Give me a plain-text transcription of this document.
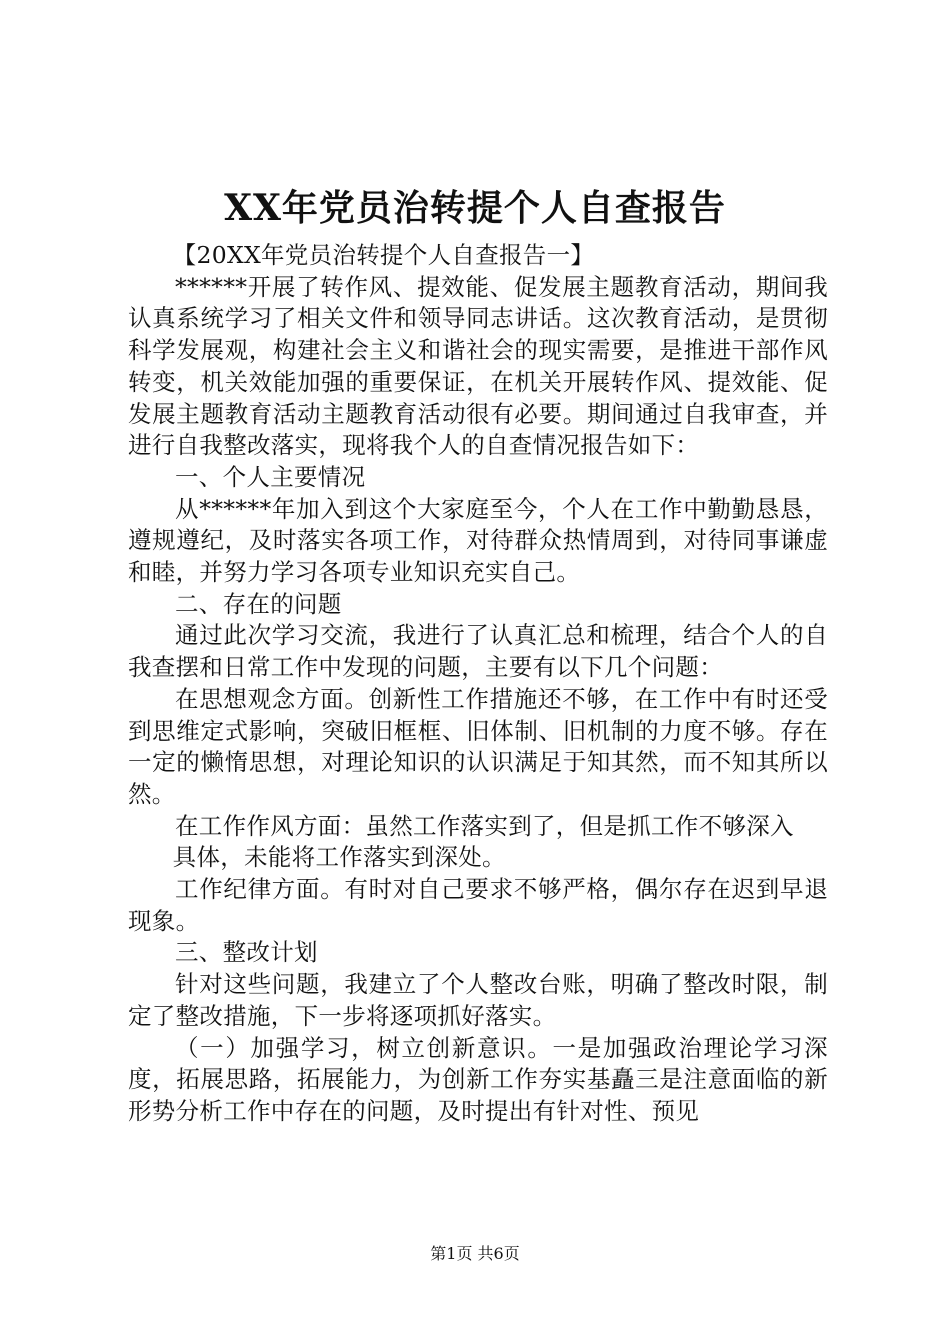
XX年党员治转提个人自查报告

【20XX年党员治转提个人自查报告一】

******开展了转作风、提效能、促发展主题教育活动，期间我认真系统学习了相关文件和领导同志讲话。这次教育活动，是贯彻科学发展观，构建社会主义和谐社会的现实需要，是推进干部作风转变，机关效能加强的重要保证，在机关开展转作风、提效能、促发展主题教育活动主题教育活动很有必要。期间通过自我审查，并进行自我整改落实，现将我个人的自查情况报告如下：

一、个人主要情况

从******年加入到这个大家庭至今，个人在工作中勤勤恳恳，遵规遵纪，及时落实各项工作，对待群众热情周到，对待同事谦虚和睦，并努力学习各项专业知识充实自己。

二、存在的问题

通过此次学习交流，我进行了认真汇总和梳理，结合个人的自我查摆和日常工作中发现的问题，主要有以下几个问题：

在思想观念方面。创新性工作措施还不够，在工作中有时还受到思维定式影响，突破旧框框、旧体制、旧机制的力度不够。存在一定的懒惰思想，对理论知识的认识满足于知其然，而不知其所以然。

在工作作风方面：虽然工作落实到了，但是抓工作不够深入

具体，未能将工作落实到深处。

工作纪律方面。有时对自己要求不够严格，偶尔存在迟到早退现象。

三、整改计划

针对这些问题，我建立了个人整改台账，明确了整改时限，制定了整改措施，下一步将逐项抓好落实。

（一）加强学习，树立创新意识。一是加强政治理论学习深度，拓展思路，拓展能力，为创新工作夯实基矗三是注意面临的新形势分析工作中存在的问题，及时提出有针对性、预见

第1页 共6页
